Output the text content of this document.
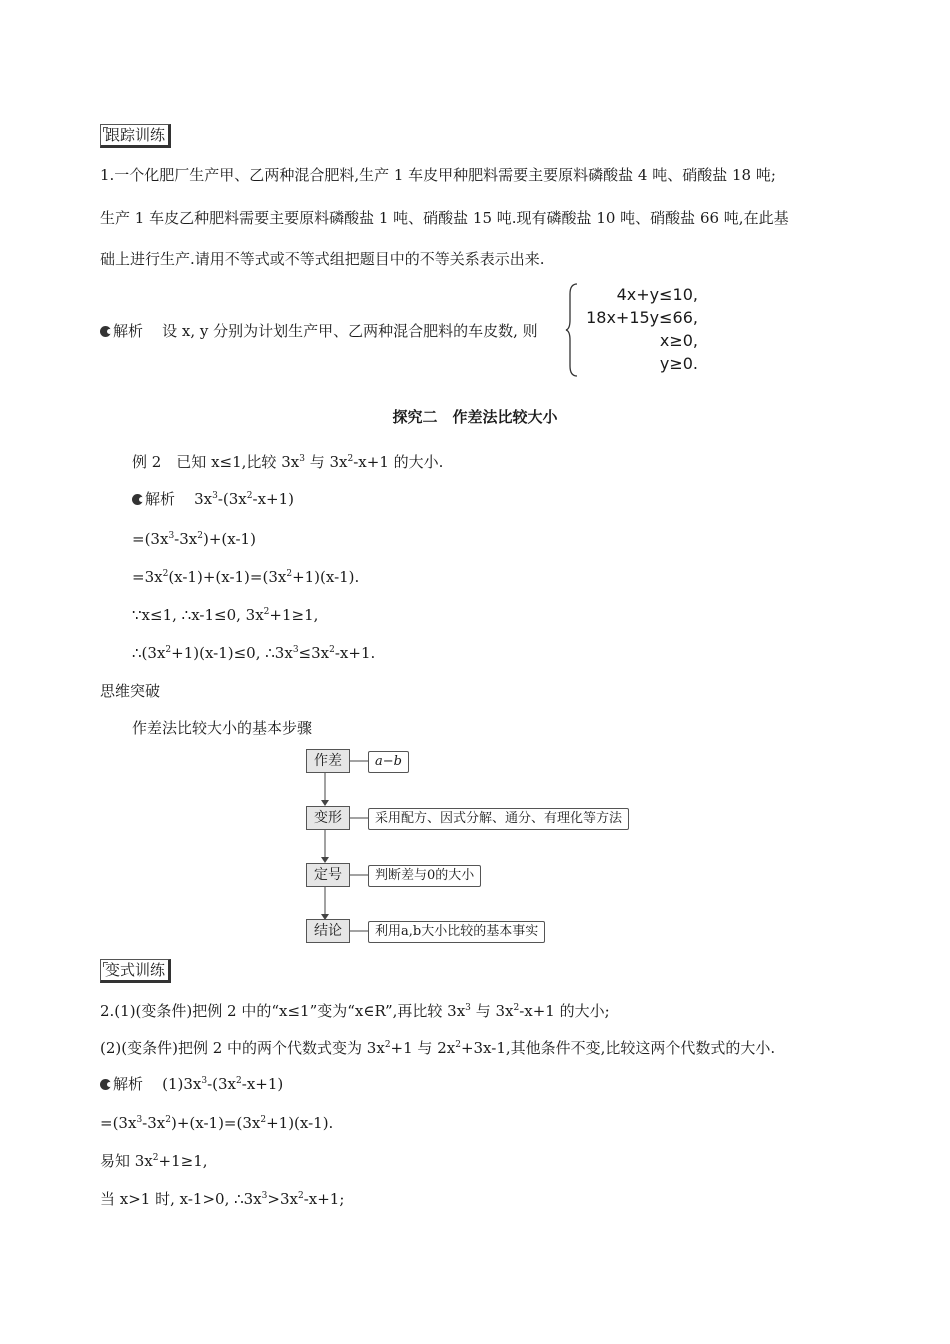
跟踪训练
1.一个化肥厂生产甲、乙两种混合肥料,生产 1 车皮甲种肥料需要主要原料磷酸盐 4 吨、硝酸盐 18 吨;
生产 1 车皮乙种肥料需要主要原料磷酸盐 1 吨、硝酸盐 15 吨.现有磷酸盐 10 吨、硝酸盐 66 吨,在此基
础上进行生产.请用不等式或不等式组把题目中的不等关系表示出来.
解析 设 x, y 分别为计划生产甲、乙两种混合肥料的车皮数, 则
4x+y≤10,
18x+15y≤66,
x≥0,
y≥0.
探究二　作差法比较大小
例 2　已知 x≤1,比较 $3x^3$ 与 $3x^2-x+1$ 的大小.
解析 $3x^3-(3x^2-x+1)$
$=(3x^3-3x^2)+(x-1)$
$=3x^2(x-1)+(x-1)=(3x^2+1)(x-1)$.
∵x≤1, ∴x-1≤0, $3x^2+1\ge 1$,
$\therefore(3x^2+1)(x-1)\le 0$, $\therefore 3x^3\le 3x^2-x+1$.
思维突破
作差法比较大小的基本步骤
作差
变形
定号
结论
a−b
采用配方、因式分解、通分、有理化等方法
判断差与0的大小
利用a,b大小比较的基本事实
变式训练
2.(1)(变条件)把例 2 中的“x≤1”变为“x∈R”,再比较 $3x^3$ 与 $3x^2-x+1$ 的大小;
(2)(变条件)把例 2 中的两个代数式变为 $3x^2+1$ 与 $2x^2+3x-1$,其他条件不变,比较这两个代数式的大小.
解析 $(1)3x^3-(3x^2-x+1)$
$=(3x^3-3x^2)+(x-1)=(3x^2+1)(x-1)$.
易知 $3x^2+1\ge 1$,
当 x>1 时, x-1>0, $\therefore 3x^3>3x^2-x+1$;
